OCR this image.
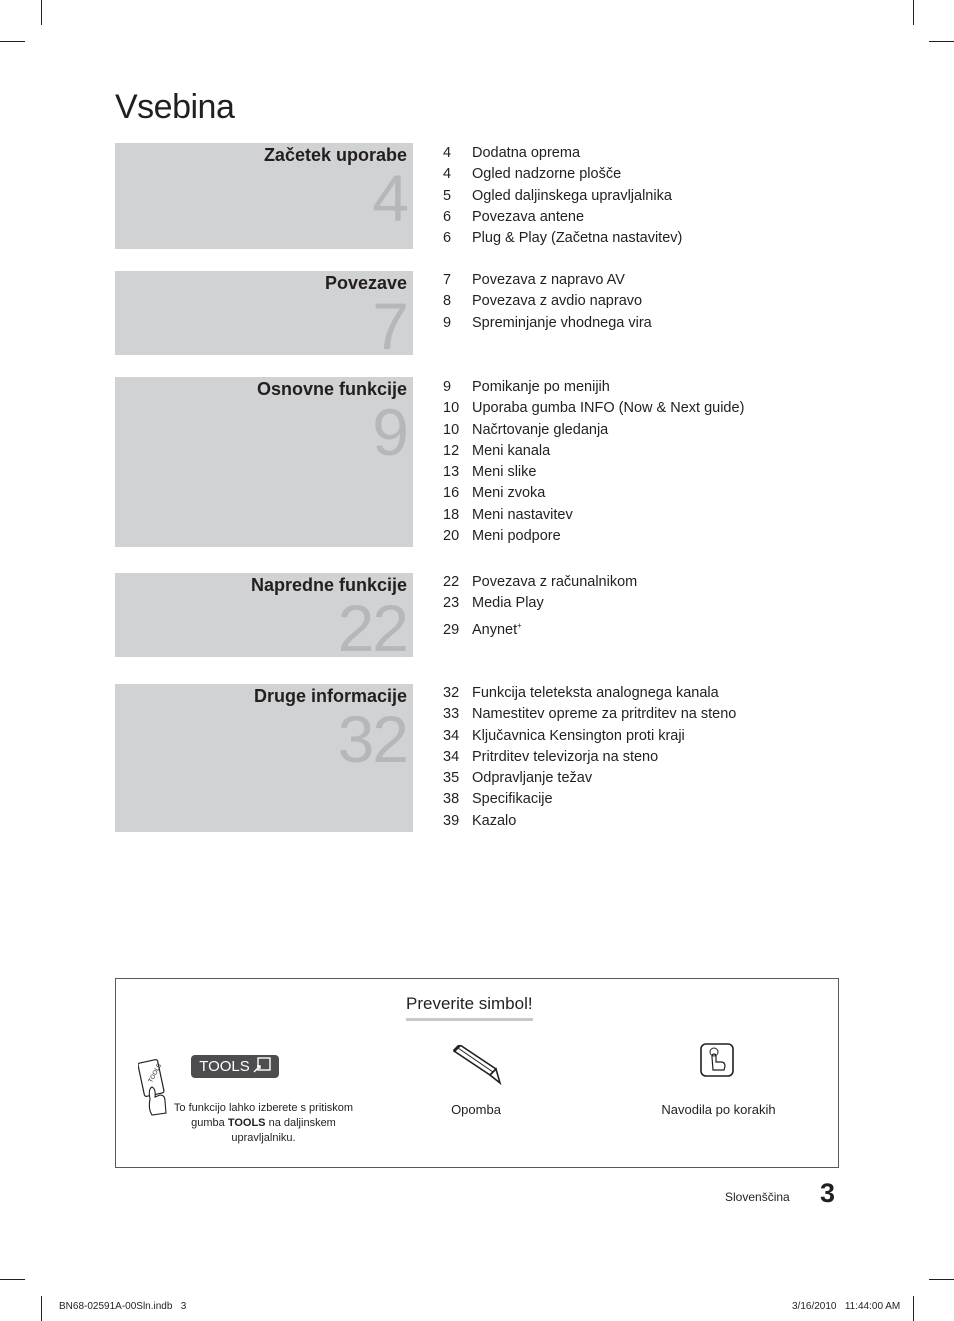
Vsebina
Začetek uporabe
4
4 Dodatna oprema
4 Ogled nadzorne plošče
5 Ogled daljinskega upravljalnika
6 Povezava antene
6 Plug & Play (Začetna nastavitev)
Povezave
7
7 Povezava z napravo AV
8 Povezava z avdio napravo
9 Spreminjanje vhodnega vira
Osnovne funkcije
9
9 Pomikanje po menijih
10 Uporaba gumba INFO (Now & Next guide)
10 Načrtovanje gledanja
12 Meni kanala
13 Meni slike
16 Meni zvoka
18 Meni nastavitev
20 Meni podpore
Napredne funkcije
22
22 Povezava z računalnikom
23 Media Play
29 Anynet+
Druge informacije
32
32 Funkcija teleteksta analognega kanala
33 Namestitev opreme za pritrditev na steno
34 Ključavnica Kensington proti kraji
34 Pritrditev televizorja na steno
35 Odpravljanje težav
38 Specifikacije
39 Kazalo
Preverite simbol!
TOOLS TOOLS
To funkcijo lahko izberete s pritiskom gumba TOOLS na daljinskem upravljalniku.
Opomba	Navodila po korakih
Slovenščina 3
BN68-02591A-00Sln.indb   3	3/16/2010   11:44:00 AM
